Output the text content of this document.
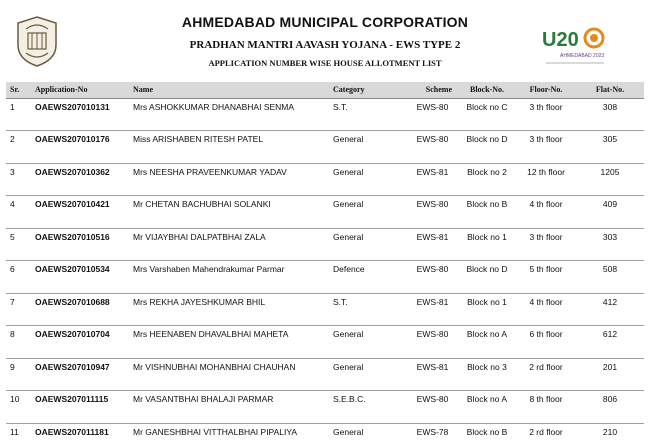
AHMEDABAD MUNICIPAL CORPORATION
PRADHAN MANTRI AAVASH YOJANA - EWS TYPE 2
APPLICATION NUMBER WISE HOUSE ALLOTMENT LIST
U20
AHMEDABAD 2023
Sr.	Application-No	Name	Category	Scheme	Block-No.	Floor-No.	Flat-No.
1	OAEWS207010131	Mrs ASHOKKUMAR DHANABHAI SENMA	S.T.	EWS-80	Block no C	3 th floor	308
2	OAEWS207010176	Miss ARISHABEN RITESH PATEL	General	EWS-80	Block no D	3 th floor	305
3	OAEWS207010362	Mrs NEESHA PRAVEENKUMAR YADAV	General	EWS-81	Block no 2	12 th floor	1205
4	OAEWS207010421	Mr CHETAN BACHUBHAI SOLANKI	General	EWS-80	Block no B	4 th floor	409
5	OAEWS207010516	Mr VIJAYBHAI DALPATBHAI ZALA	General	EWS-81	Block no 1	3 th floor	303
6	OAEWS207010534	Mrs Varshaben Mahendrakumar Parmar	Defence	EWS-80	Block no D	5 th floor	508
7	OAEWS207010688	Mrs REKHA JAYESHKUMAR BHIL	S.T.	EWS-81	Block no 1	4 th floor	412
8	OAEWS207010704	Mrs HEENABEN DHAVALBHAI MAHETA	General	EWS-80	Block no A	6 th floor	612
9	OAEWS207010947	Mr VISHNUBHAI MOHANBHAI CHAUHAN	General	EWS-81	Block no 3	2 rd floor	201
10	OAEWS207011115	Mr VASANTBHAI BHALAJI PARMAR	S.E.B.C.	EWS-80	Block no A	8 th floor	806
11	OAEWS207011181	Mr GANESHBHAI VITTHALBHAI PIPALIYA	General	EWS-78	Block no B	2 rd floor	210
